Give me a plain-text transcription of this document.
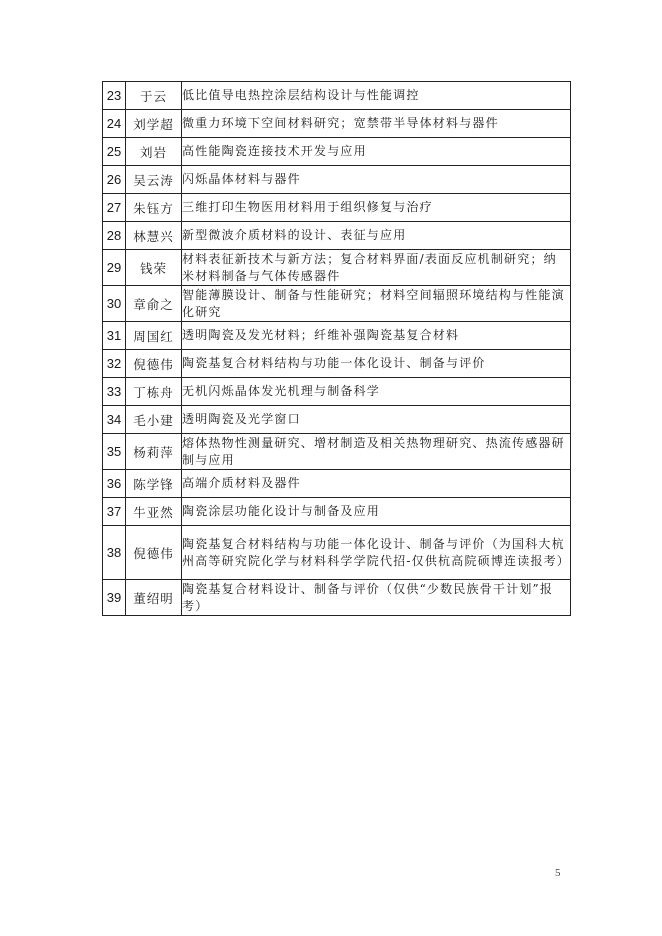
23	于云	低比值导电热控涂层结构设计与性能调控
24	刘学超	微重力环境下空间材料研究；宽禁带半导体材料与器件
25	刘岩	高性能陶瓷连接技术开发与应用
26	吴云涛	闪烁晶体材料与器件
27	朱钰方	三维打印生物医用材料用于组织修复与治疗
28	林慧兴	新型微波介质材料的设计、表征与应用
29	钱荣	材料表征新技术与新方法；复合材料界面/表面反应机制研究；纳米材料制备与气体传感器件
30	章俞之	智能薄膜设计、制备与性能研究；材料空间辐照环境结构与性能演化研究
31	周国红	透明陶瓷及发光材料；纤维补强陶瓷基复合材料
32	倪德伟	陶瓷基复合材料结构与功能一体化设计、制备与评价
33	丁栋舟	无机闪烁晶体发光机理与制备科学
34	毛小建	透明陶瓷及光学窗口
35	杨莉萍	熔体热物性测量研究、增材制造及相关热物理研究、热流传感器研制与应用
36	陈学锋	高端介质材料及器件
37	牛亚然	陶瓷涂层功能化设计与制备及应用
38	倪德伟	陶瓷基复合材料结构与功能一体化设计、制备与评价（为国科大杭州高等研究院化学与材料科学学院代招-仅供杭高院硕博连读报考）
39	董绍明	陶瓷基复合材料设计、制备与评价（仅供“少数民族骨干计划”报考）
5
